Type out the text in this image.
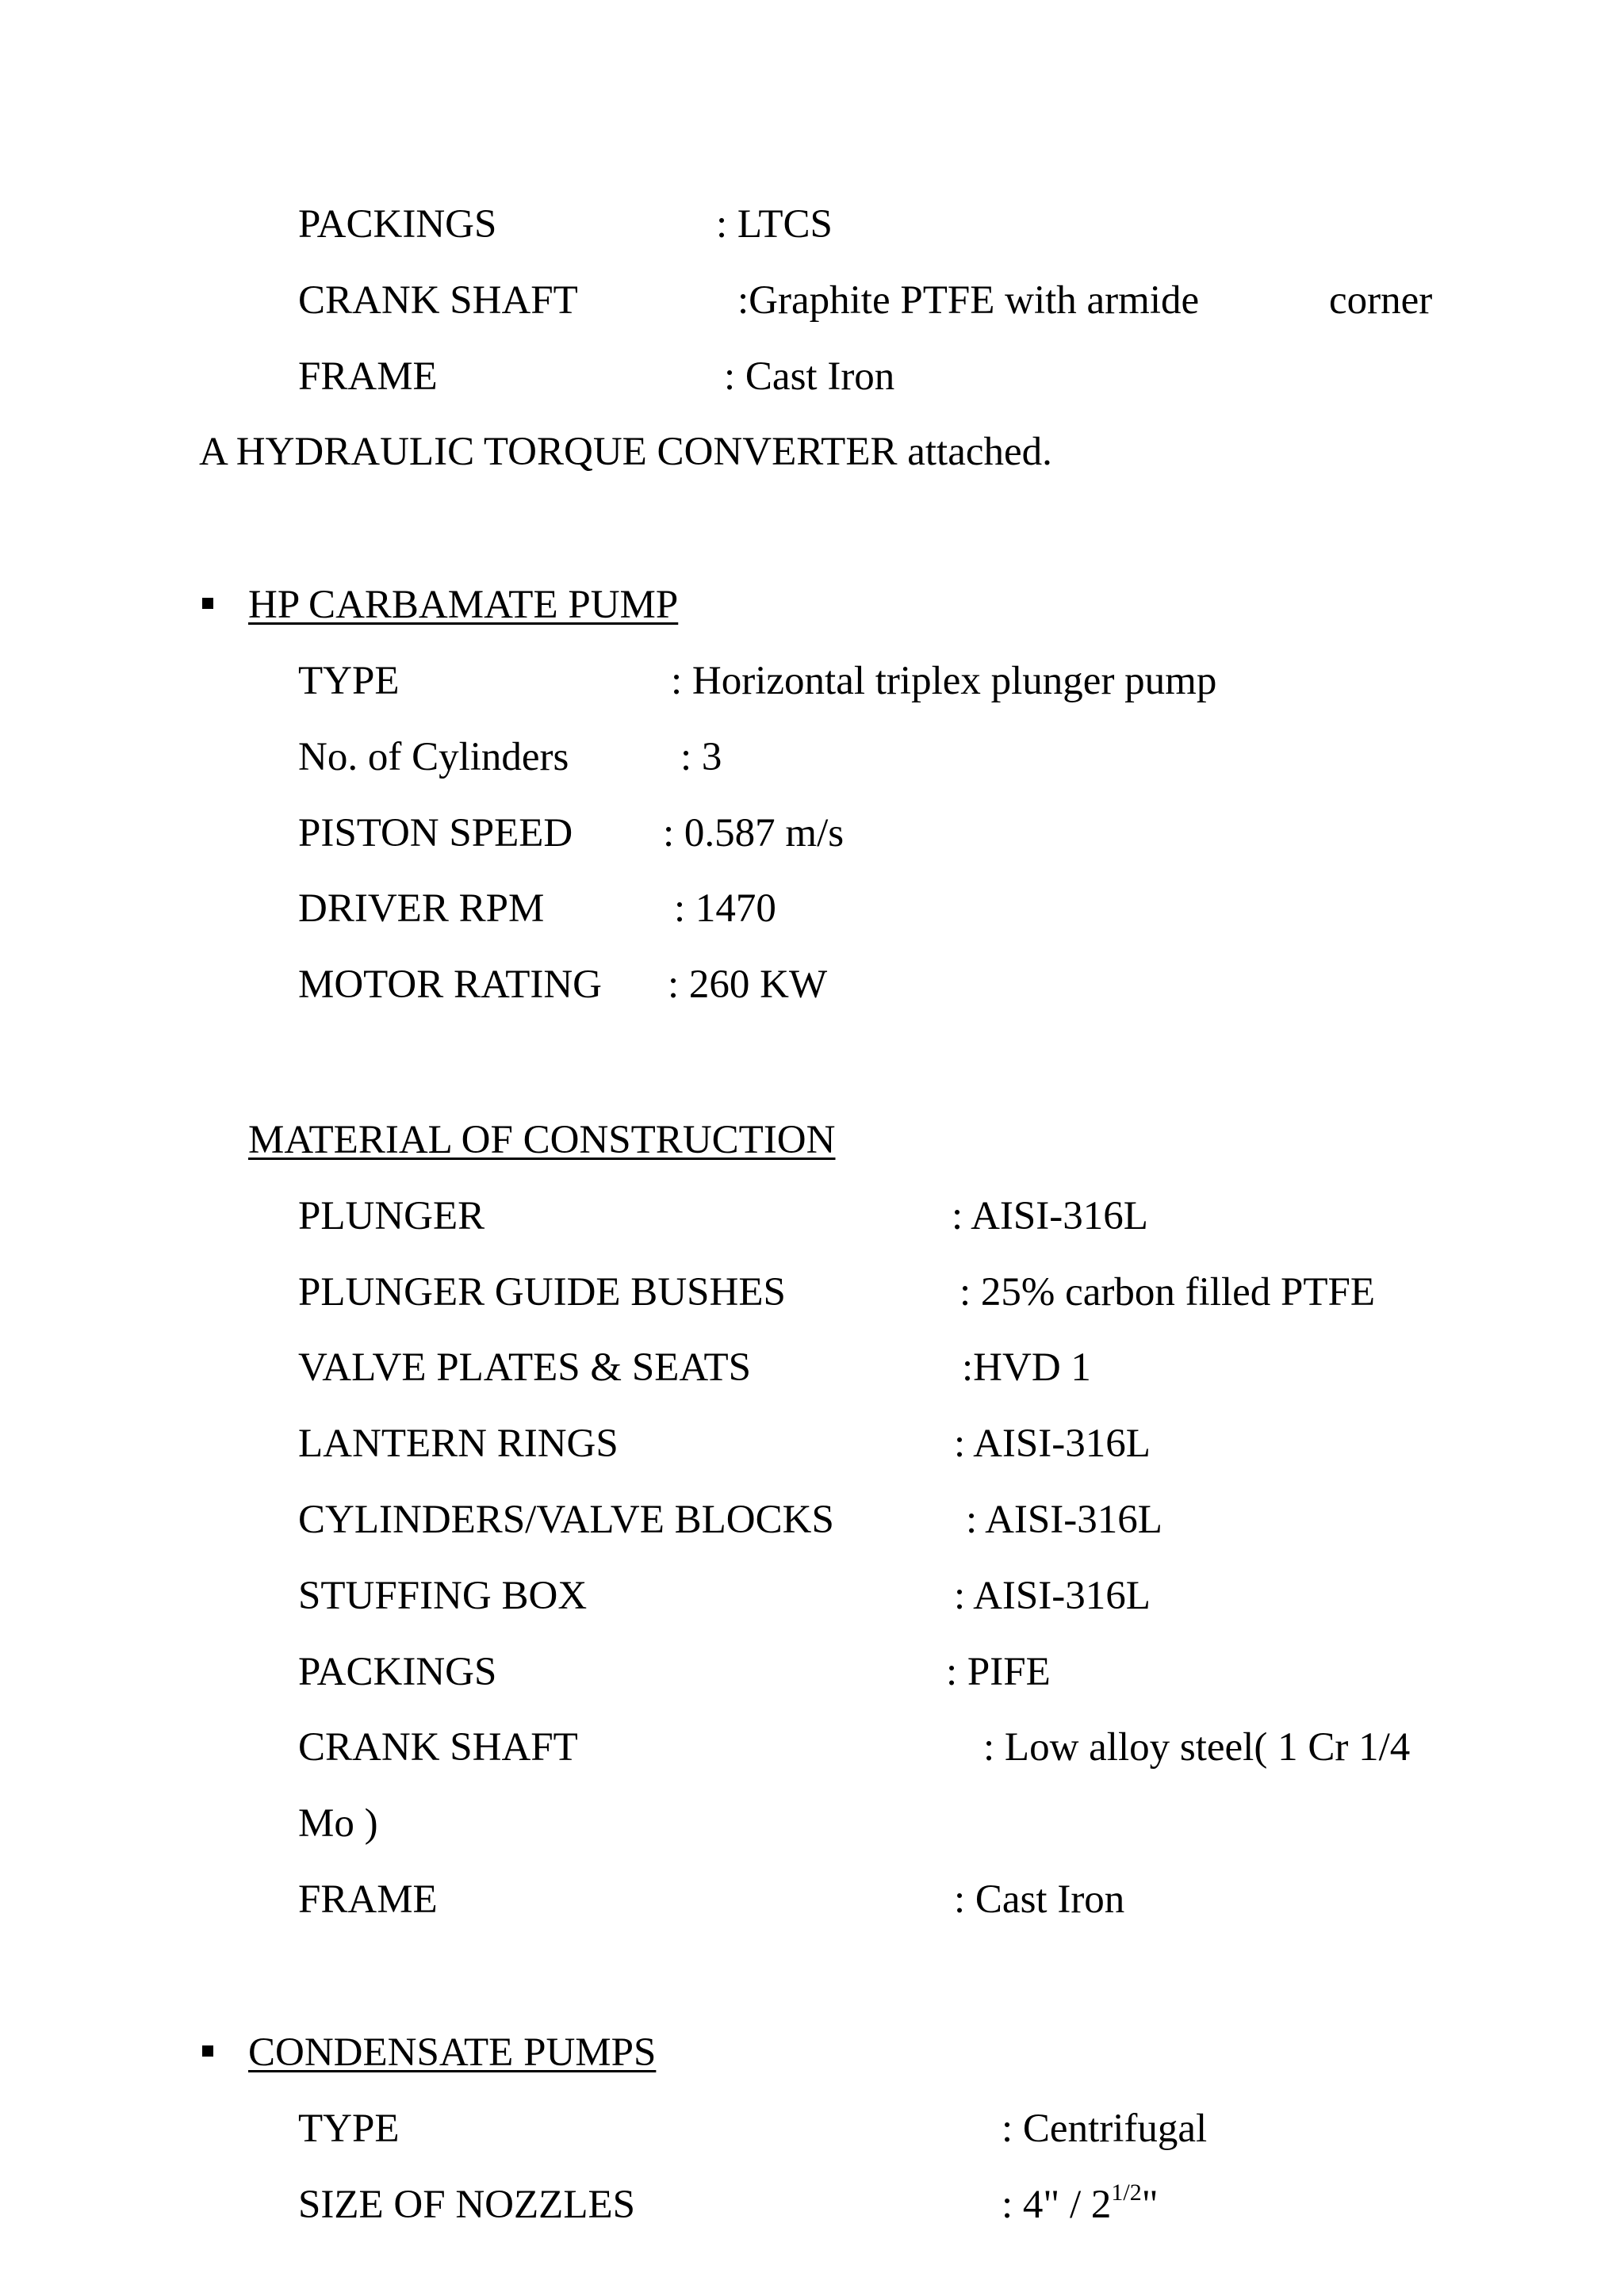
PACKINGS	: LTCS
CRANK SHAFT	:Graphite PTFE with armide	corner
FRAME	: Cast Iron
A HYDRAULIC TORQUE CONVERTER attached.
HP CARBAMATE PUMP
TYPE	: Horizontal triplex plunger pump
No. of Cylinders	: 3
PISTON SPEED : 0.587 m/s
DRIVER RPM	: 1470
MOTOR RATING : 260 KW
MATERIAL OF CONSTRUCTION
PLUNGER	: AISI-316L
PLUNGER GUIDE BUSHES	: 25% carbon filled PTFE
VALVE PLATES & SEATS	:HVD 1
LANTERN RINGS	: AISI-316L
CYLINDERS/VALVE BLOCKS	: AISI-316L
STUFFING BOX	: AISI-316L
PACKINGS	: PIFE
CRANK SHAFT	: Low alloy steel( 1 Cr 1/4
Mo )
FRAME	: Cast Iron
CONDENSATE PUMPS
TYPE	: Centrifugal
SIZE OF NOZZLES	: 4" / $2^{1/2}$"
